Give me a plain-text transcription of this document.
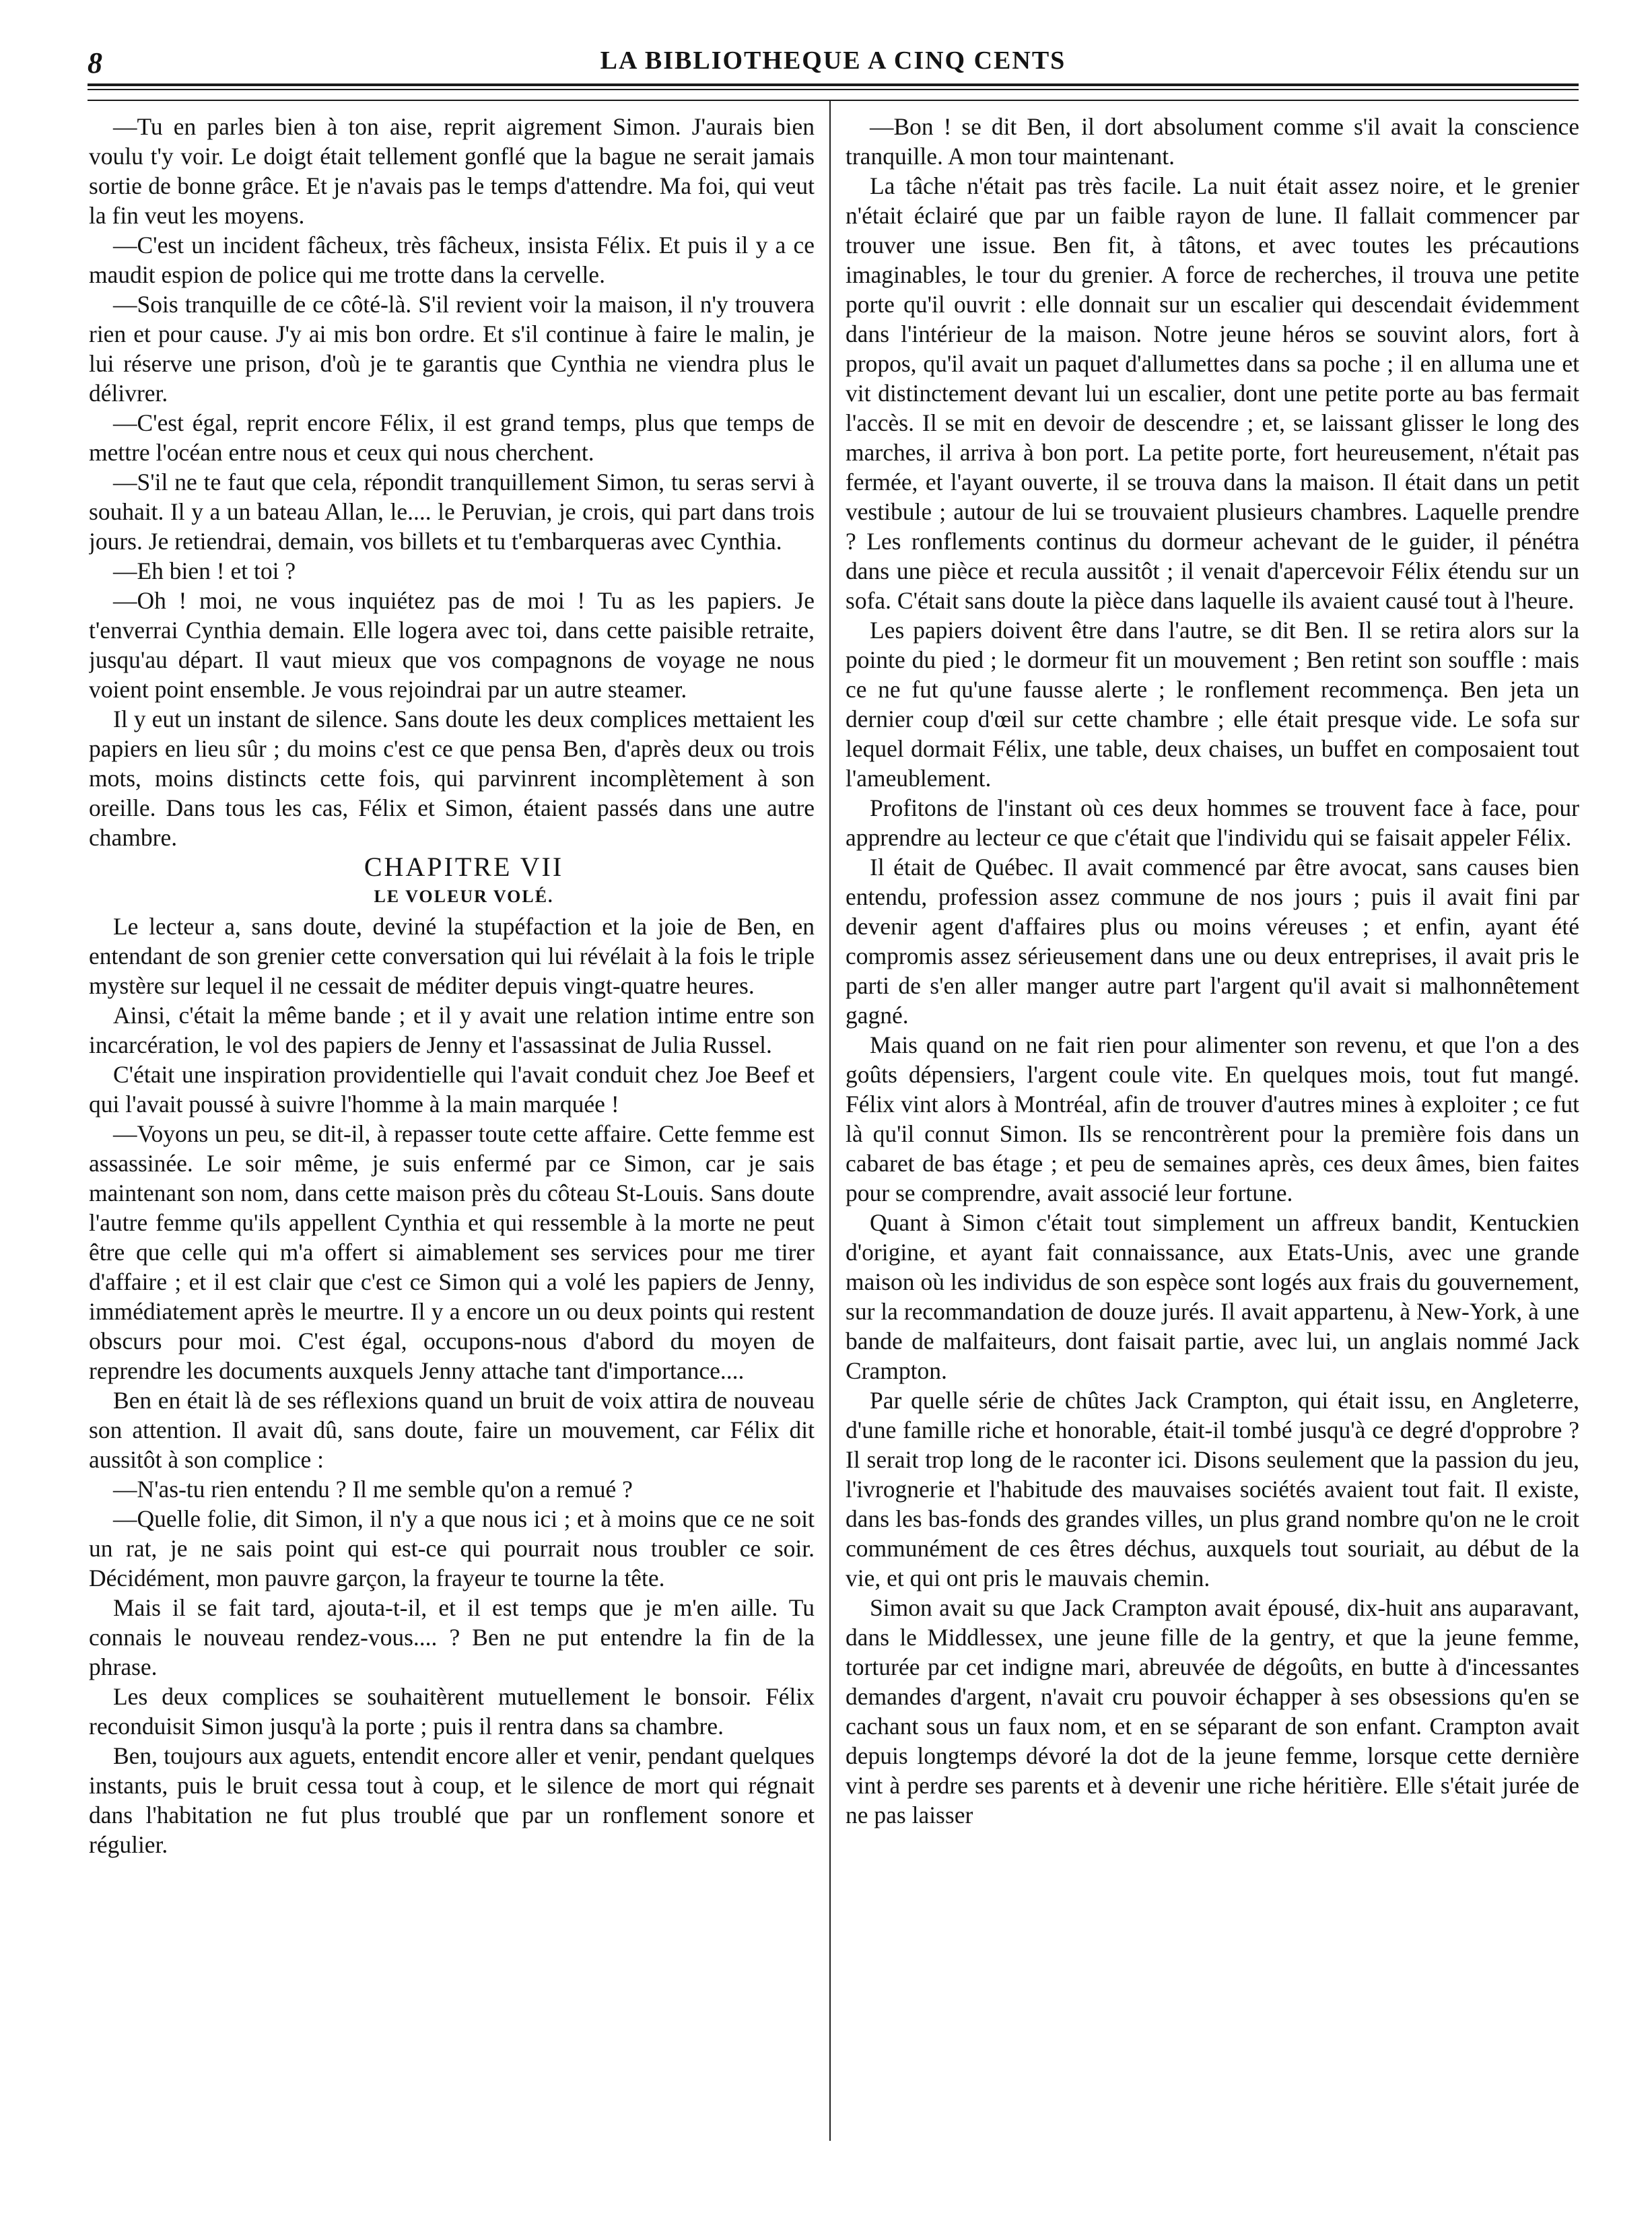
8	LA BIBLIOTHEQUE A CINQ CENTS

—Tu en parles bien à ton aise, reprit aigrement Simon. J'aurais bien voulu t'y voir. Le doigt était tellement gonflé que la bague ne serait jamais sortie de bonne grâce. Et je n'avais pas le temps d'attendre. Ma foi, qui veut la fin veut les moyens.

—C'est un incident fâcheux, très fâcheux, insista Félix. Et puis il y a ce maudit espion de police qui me trotte dans la cervelle.

—Sois tranquille de ce côté-là. S'il revient voir la maison, il n'y trouvera rien et pour cause. J'y ai mis bon ordre. Et s'il continue à faire le malin, je lui réserve une prison, d'où je te garantis que Cynthia ne viendra plus le délivrer.

—C'est égal, reprit encore Félix, il est grand temps, plus que temps de mettre l'océan entre nous et ceux qui nous cherchent.

—S'il ne te faut que cela, répondit tranquillement Simon, tu seras servi à souhait. Il y a un bateau Allan, le.... le Peruvian, je crois, qui part dans trois jours. Je retiendrai, demain, vos billets et tu t'embarqueras avec Cynthia.

—Eh bien ! et toi ?

—Oh ! moi, ne vous inquiétez pas de moi ! Tu as les papiers. Je t'enverrai Cynthia demain. Elle logera avec toi, dans cette paisible retraite, jusqu'au départ. Il vaut mieux que vos compagnons de voyage ne nous voient point ensemble. Je vous rejoindrai par un autre steamer.

Il y eut un instant de silence. Sans doute les deux complices mettaient les papiers en lieu sûr ; du moins c'est ce que pensa Ben, d'après deux ou trois mots, moins distincts cette fois, qui parvinrent incomplètement à son oreille. Dans tous les cas, Félix et Simon, étaient passés dans une autre chambre.

CHAPITRE VII

LE VOLEUR VOLÉ.

Le lecteur a, sans doute, deviné la stupéfaction et la joie de Ben, en entendant de son grenier cette conversation qui lui révélait à la fois le triple mystère sur lequel il ne cessait de méditer depuis vingt-quatre heures.

Ainsi, c'était la même bande ; et il y avait une relation intime entre son incarcération, le vol des papiers de Jenny et l'assassinat de Julia Russel.

C'était une inspiration providentielle qui l'avait conduit chez Joe Beef et qui l'avait poussé à suivre l'homme à la main marquée !

—Voyons un peu, se dit-il, à repasser toute cette affaire. Cette femme est assassinée. Le soir même, je suis enfermé par ce Simon, car je sais maintenant son nom, dans cette maison près du côteau St-Louis. Sans doute l'autre femme qu'ils appellent Cynthia et qui ressemble à la morte ne peut être que celle qui m'a offert si aimablement ses services pour me tirer d'affaire ; et il est clair que c'est ce Simon qui a volé les papiers de Jenny, immédiatement après le meurtre. Il y a encore un ou deux points qui restent obscurs pour moi. C'est égal, occupons-nous d'abord du moyen de reprendre les documents auxquels Jenny attache tant d'importance....

Ben en était là de ses réflexions quand un bruit de voix attira de nouveau son attention. Il avait dû, sans doute, faire un mouvement, car Félix dit aussitôt à son complice :

—N'as-tu rien entendu ? Il me semble qu'on a remué ?

—Quelle folie, dit Simon, il n'y a que nous ici ; et à moins que ce ne soit un rat, je ne sais point qui est-ce qui pourrait nous troubler ce soir. Décidément, mon pauvre garçon, la frayeur te tourne la tête.

Mais il se fait tard, ajouta-t-il, et il est temps que je m'en aille. Tu connais le nouveau rendez-vous.... ? Ben ne put entendre la fin de la phrase.

Les deux complices se souhaitèrent mutuellement le bonsoir. Félix reconduisit Simon jusqu'à la porte ; puis il rentra dans sa chambre.

Ben, toujours aux aguets, entendit encore aller et venir, pendant quelques instants, puis le bruit cessa tout à coup, et le silence de mort qui régnait dans l'habitation ne fut plus troublé que par un ronflement sonore et régulier.

—Bon ! se dit Ben, il dort absolument comme s'il avait la conscience tranquille. A mon tour maintenant.

La tâche n'était pas très facile. La nuit était assez noire, et le grenier n'était éclairé que par un faible rayon de lune. Il fallait commencer par trouver une issue. Ben fit, à tâtons, et avec toutes les précautions imaginables, le tour du grenier. A force de recherches, il trouva une petite porte qu'il ouvrit : elle donnait sur un escalier qui descendait évidemment dans l'intérieur de la maison. Notre jeune héros se souvint alors, fort à propos, qu'il avait un paquet d'allumettes dans sa poche ; il en alluma une et vit distinctement devant lui un escalier, dont une petite porte au bas fermait l'accès. Il se mit en devoir de descendre ; et, se laissant glisser le long des marches, il arriva à bon port. La petite porte, fort heureusement, n'était pas fermée, et l'ayant ouverte, il se trouva dans la maison. Il était dans un petit vestibule ; autour de lui se trouvaient plusieurs chambres. Laquelle prendre ? Les ronflements continus du dormeur achevant de le guider, il pénétra dans une pièce et recula aussitôt ; il venait d'apercevoir Félix étendu sur un sofa. C'était sans doute la pièce dans laquelle ils avaient causé tout à l'heure.

Les papiers doivent être dans l'autre, se dit Ben. Il se retira alors sur la pointe du pied ; le dormeur fit un mouvement ; Ben retint son souffle : mais ce ne fut qu'une fausse alerte ; le ronflement recommença. Ben jeta un dernier coup d'œil sur cette chambre ; elle était presque vide. Le sofa sur lequel dormait Félix, une table, deux chaises, un buffet en composaient tout l'ameublement.

Profitons de l'instant où ces deux hommes se trouvent face à face, pour apprendre au lecteur ce que c'était que l'individu qui se faisait appeler Félix.

Il était de Québec. Il avait commencé par être avocat, sans causes bien entendu, profession assez commune de nos jours ; puis il avait fini par devenir agent d'affaires plus ou moins véreuses ; et enfin, ayant été compromis assez sérieusement dans une ou deux entreprises, il avait pris le parti de s'en aller manger autre part l'argent qu'il avait si malhonnêtement gagné.

Mais quand on ne fait rien pour alimenter son revenu, et que l'on a des goûts dépensiers, l'argent coule vite. En quelques mois, tout fut mangé. Félix vint alors à Montréal, afin de trouver d'autres mines à exploiter ; ce fut là qu'il connut Simon. Ils se rencontrèrent pour la première fois dans un cabaret de bas étage ; et peu de semaines après, ces deux âmes, bien faites pour se comprendre, avait associé leur fortune.

Quant à Simon c'était tout simplement un affreux bandit, Kentuckien d'origine, et ayant fait connaissance, aux Etats-Unis, avec une grande maison où les individus de son espèce sont logés aux frais du gouvernement, sur la recommandation de douze jurés. Il avait appartenu, à New-York, à une bande de malfaiteurs, dont faisait partie, avec lui, un anglais nommé Jack Crampton.

Par quelle série de chûtes Jack Crampton, qui était issu, en Angleterre, d'une famille riche et honorable, était-il tombé jusqu'à ce degré d'opprobre ? Il serait trop long de le raconter ici. Disons seulement que la passion du jeu, l'ivrognerie et l'habitude des mauvaises sociétés avaient tout fait. Il existe, dans les bas-fonds des grandes villes, un plus grand nombre qu'on ne le croit communément de ces êtres déchus, auxquels tout souriait, au début de la vie, et qui ont pris le mauvais chemin.

Simon avait su que Jack Crampton avait épousé, dix-huit ans auparavant, dans le Middlessex, une jeune fille de la gentry, et que la jeune femme, torturée par cet indigne mari, abreuvée de dégoûts, en butte à d'incessantes demandes d'argent, n'avait cru pouvoir échapper à ses obsessions qu'en se cachant sous un faux nom, et en se séparant de son enfant. Crampton avait depuis longtemps dévoré la dot de la jeune femme, lorsque cette dernière vint à perdre ses parents et à devenir une riche héritière. Elle s'était jurée de ne pas laisser
